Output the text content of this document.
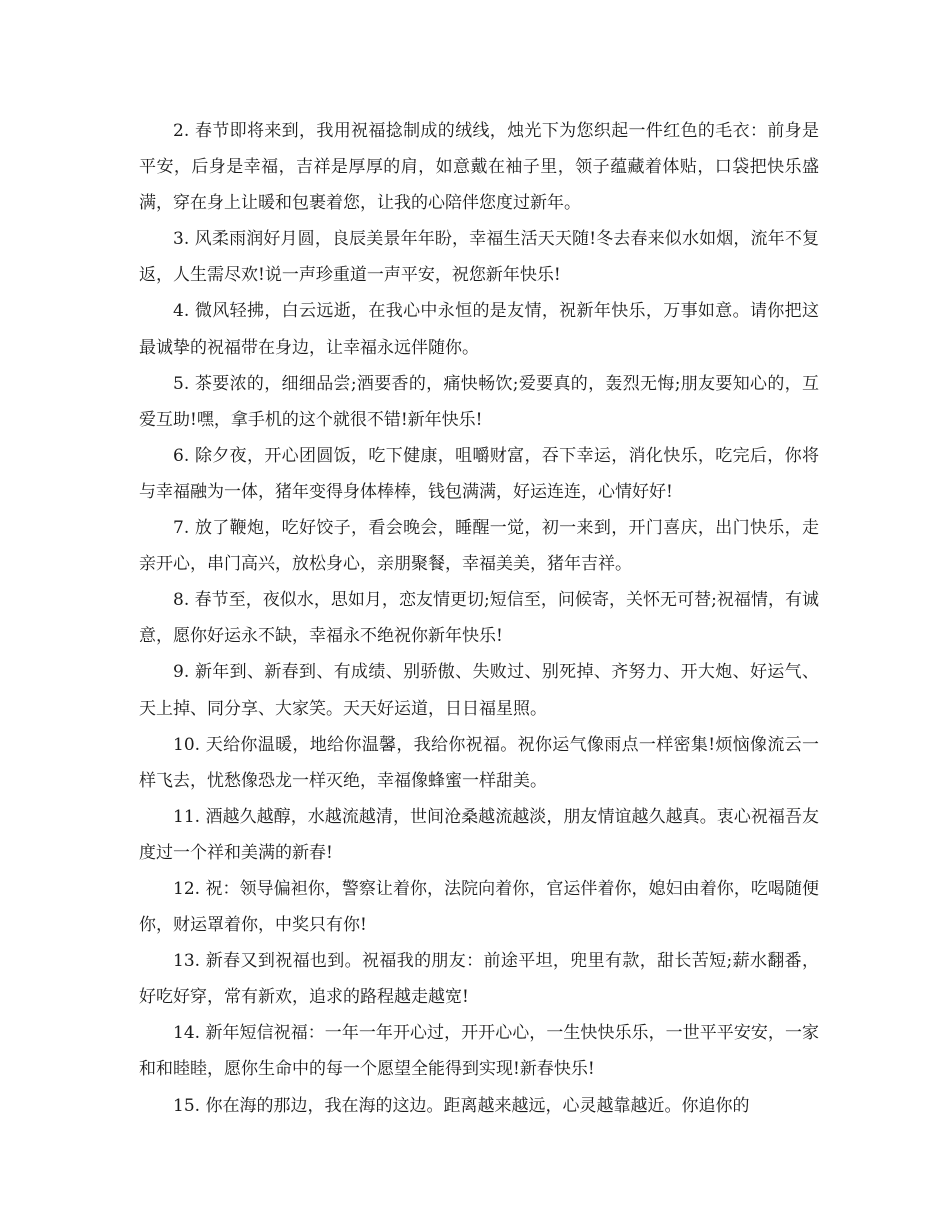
2. 春节即将来到，我用祝福捻制成的绒线，烛光下为您织起一件红色的毛衣：前身是平安，后身是幸福，吉祥是厚厚的肩，如意戴在袖子里，领子蕴藏着体贴，口袋把快乐盛满，穿在身上让暖和包裹着您，让我的心陪伴您度过新年。

3. 风柔雨润好月圆，良辰美景年年盼，幸福生活天天随!冬去春来似水如烟，流年不复返，人生需尽欢!说一声珍重道一声平安，祝您新年快乐!

4. 微风轻拂，白云远逝，在我心中永恒的是友情，祝新年快乐，万事如意。请你把这最诚挚的祝福带在身边，让幸福永远伴随你。

5. 茶要浓的，细细品尝;酒要香的，痛快畅饮;爱要真的，轰烈无悔;朋友要知心的，互爱互助!嘿，拿手机的这个就很不错!新年快乐!

6. 除夕夜，开心团圆饭，吃下健康，咀嚼财富，吞下幸运，消化快乐，吃完后，你将与幸福融为一体，猪年变得身体棒棒，钱包满满，好运连连，心情好好!

7. 放了鞭炮，吃好饺子，看会晚会，睡醒一觉，初一来到，开门喜庆，出门快乐，走亲开心，串门高兴，放松身心，亲朋聚餐，幸福美美，猪年吉祥。

8. 春节至，夜似水，思如月，恋友情更切;短信至，问候寄，关怀无可替;祝福情，有诚意，愿你好运永不缺，幸福永不绝祝你新年快乐!

9. 新年到、新春到、有成绩、别骄傲、失败过、别死掉、齐努力、开大炮、好运气、天上掉、同分享、大家笑。天天好运道，日日福星照。

10. 天给你温暖，地给你温馨，我给你祝福。祝你运气像雨点一样密集!烦恼像流云一样飞去，忧愁像恐龙一样灭绝，幸福像蜂蜜一样甜美。

11. 酒越久越醇，水越流越清，世间沧桑越流越淡，朋友情谊越久越真。衷心祝福吾友度过一个祥和美满的新春!

12. 祝：领导偏袒你，警察让着你，法院向着你，官运伴着你，媳妇由着你，吃喝随便你，财运罩着你，中奖只有你!

13. 新春又到祝福也到。祝福我的朋友：前途平坦，兜里有款，甜长苦短;薪水翻番，好吃好穿，常有新欢，追求的路程越走越宽!

14. 新年短信祝福：一年一年开心过，开开心心，一生快快乐乐，一世平平安安，一家和和睦睦，愿你生命中的每一个愿望全能得到实现!新春快乐!

15. 你在海的那边，我在海的这边。距离越来越远，心灵越靠越近。你追你的
